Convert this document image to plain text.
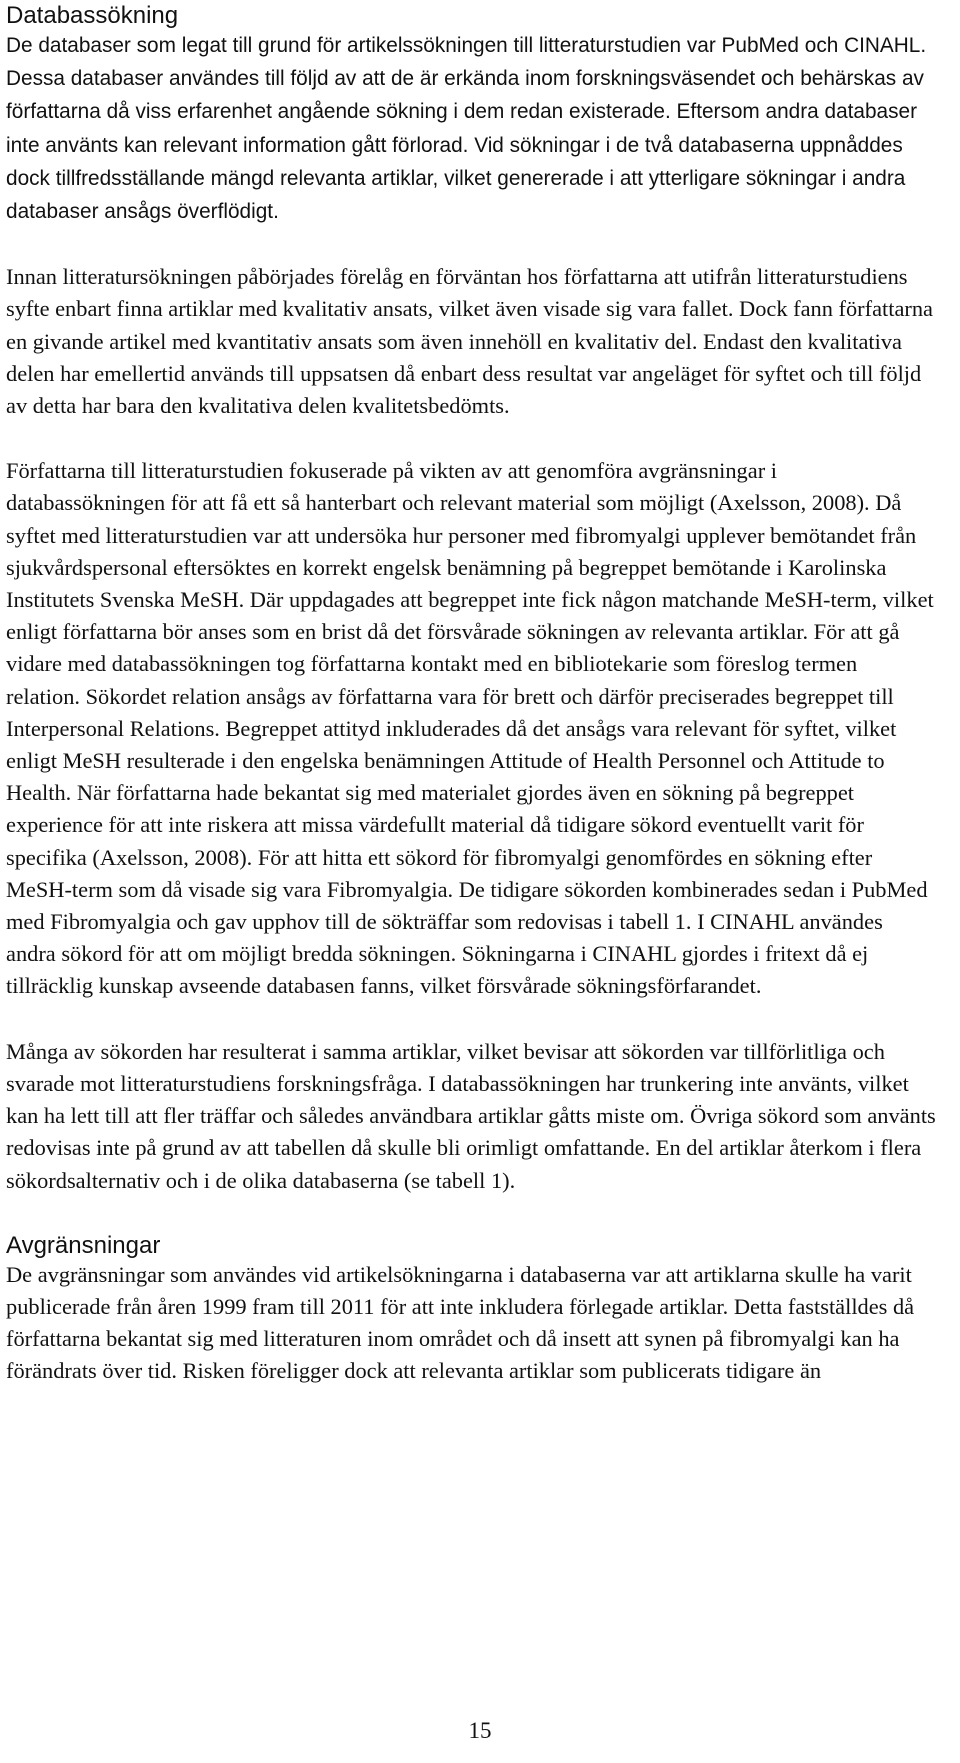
Databassökning

De databaser som legat till grund för artikelssökningen till litteraturstudien var PubMed och CINAHL. Dessa databaser användes till följd av att de är erkända inom forskningsväsendet och behärskas av författarna då viss erfarenhet angående sökning i dem redan existerade. Eftersom andra databaser inte använts kan relevant information gått förlorad. Vid sökningar i de två databaserna uppnåddes dock tillfredsställande mängd relevanta artiklar, vilket genererade i att ytterligare sökningar i andra databaser ansågs överflödigt.

Innan litteratursökningen påbörjades förelåg en förväntan hos författarna att utifrån litteraturstudiens syfte enbart finna artiklar med kvalitativ ansats, vilket även visade sig vara fallet. Dock fann författarna en givande artikel med kvantitativ ansats som även innehöll en kvalitativ del. Endast den kvalitativa delen har emellertid används till uppsatsen då enbart dess resultat var angeläget för syftet och till följd av detta har bara den kvalitativa delen kvalitetsbedömts.

Författarna till litteraturstudien fokuserade på vikten av att genomföra avgränsningar i databassökningen för att få ett så hanterbart och relevant material som möjligt (Axelsson, 2008). Då syftet med litteraturstudien var att undersöka hur personer med fibromyalgi upplever bemötandet från sjukvårdspersonal eftersöktes en korrekt engelsk benämning på begreppet bemötande i Karolinska Institutets Svenska MeSH. Där uppdagades att begreppet inte fick någon matchande MeSH-term, vilket enligt författarna bör anses som en brist då det försvårade sökningen av relevanta artiklar. För att gå vidare med databassökningen tog författarna kontakt med en bibliotekarie som föreslog termen relation. Sökordet relation ansågs av författarna vara för brett och därför preciserades begreppet till Interpersonal Relations. Begreppet attityd inkluderades då det ansågs vara relevant för syftet, vilket enligt MeSH resulterade i den engelska benämningen Attitude of Health Personnel och Attitude to Health. När författarna hade bekantat sig med materialet gjordes även en sökning på begreppet experience för att inte riskera att missa värdefullt material då tidigare sökord eventuellt varit för specifika (Axelsson, 2008). För att hitta ett sökord för fibromyalgi genomfördes en sökning efter MeSH-term som då visade sig vara Fibromyalgia. De tidigare sökorden kombinerades sedan i PubMed med Fibromyalgia och gav upphov till de sökträffar som redovisas i tabell 1. I CINAHL användes andra sökord för att om möjligt bredda sökningen. Sökningarna i CINAHL gjordes i fritext då ej tillräcklig kunskap avseende databasen fanns, vilket försvårade sökningsförfarandet.

Många av sökorden har resulterat i samma artiklar, vilket bevisar att sökorden var tillförlitliga och svarade mot litteraturstudiens forskningsfråga. I databassökningen har trunkering inte använts, vilket kan ha lett till att fler träffar och således användbara artiklar gåtts miste om. Övriga sökord som använts redovisas inte på grund av att tabellen då skulle bli orimligt omfattande. En del artiklar återkom i flera sökordsalternativ och i de olika databaserna (se tabell 1).

Avgränsningar

De avgränsningar som användes vid artikelsökningarna i databaserna var att artiklarna skulle ha varit publicerade från åren 1999 fram till 2011 för att inte inkludera förlegade artiklar. Detta fastställdes då författarna bekantat sig med litteraturen inom området och då insett att synen på fibromyalgi kan ha förändrats över tid. Risken föreligger dock att relevanta artiklar som publicerats tidigare än

15
